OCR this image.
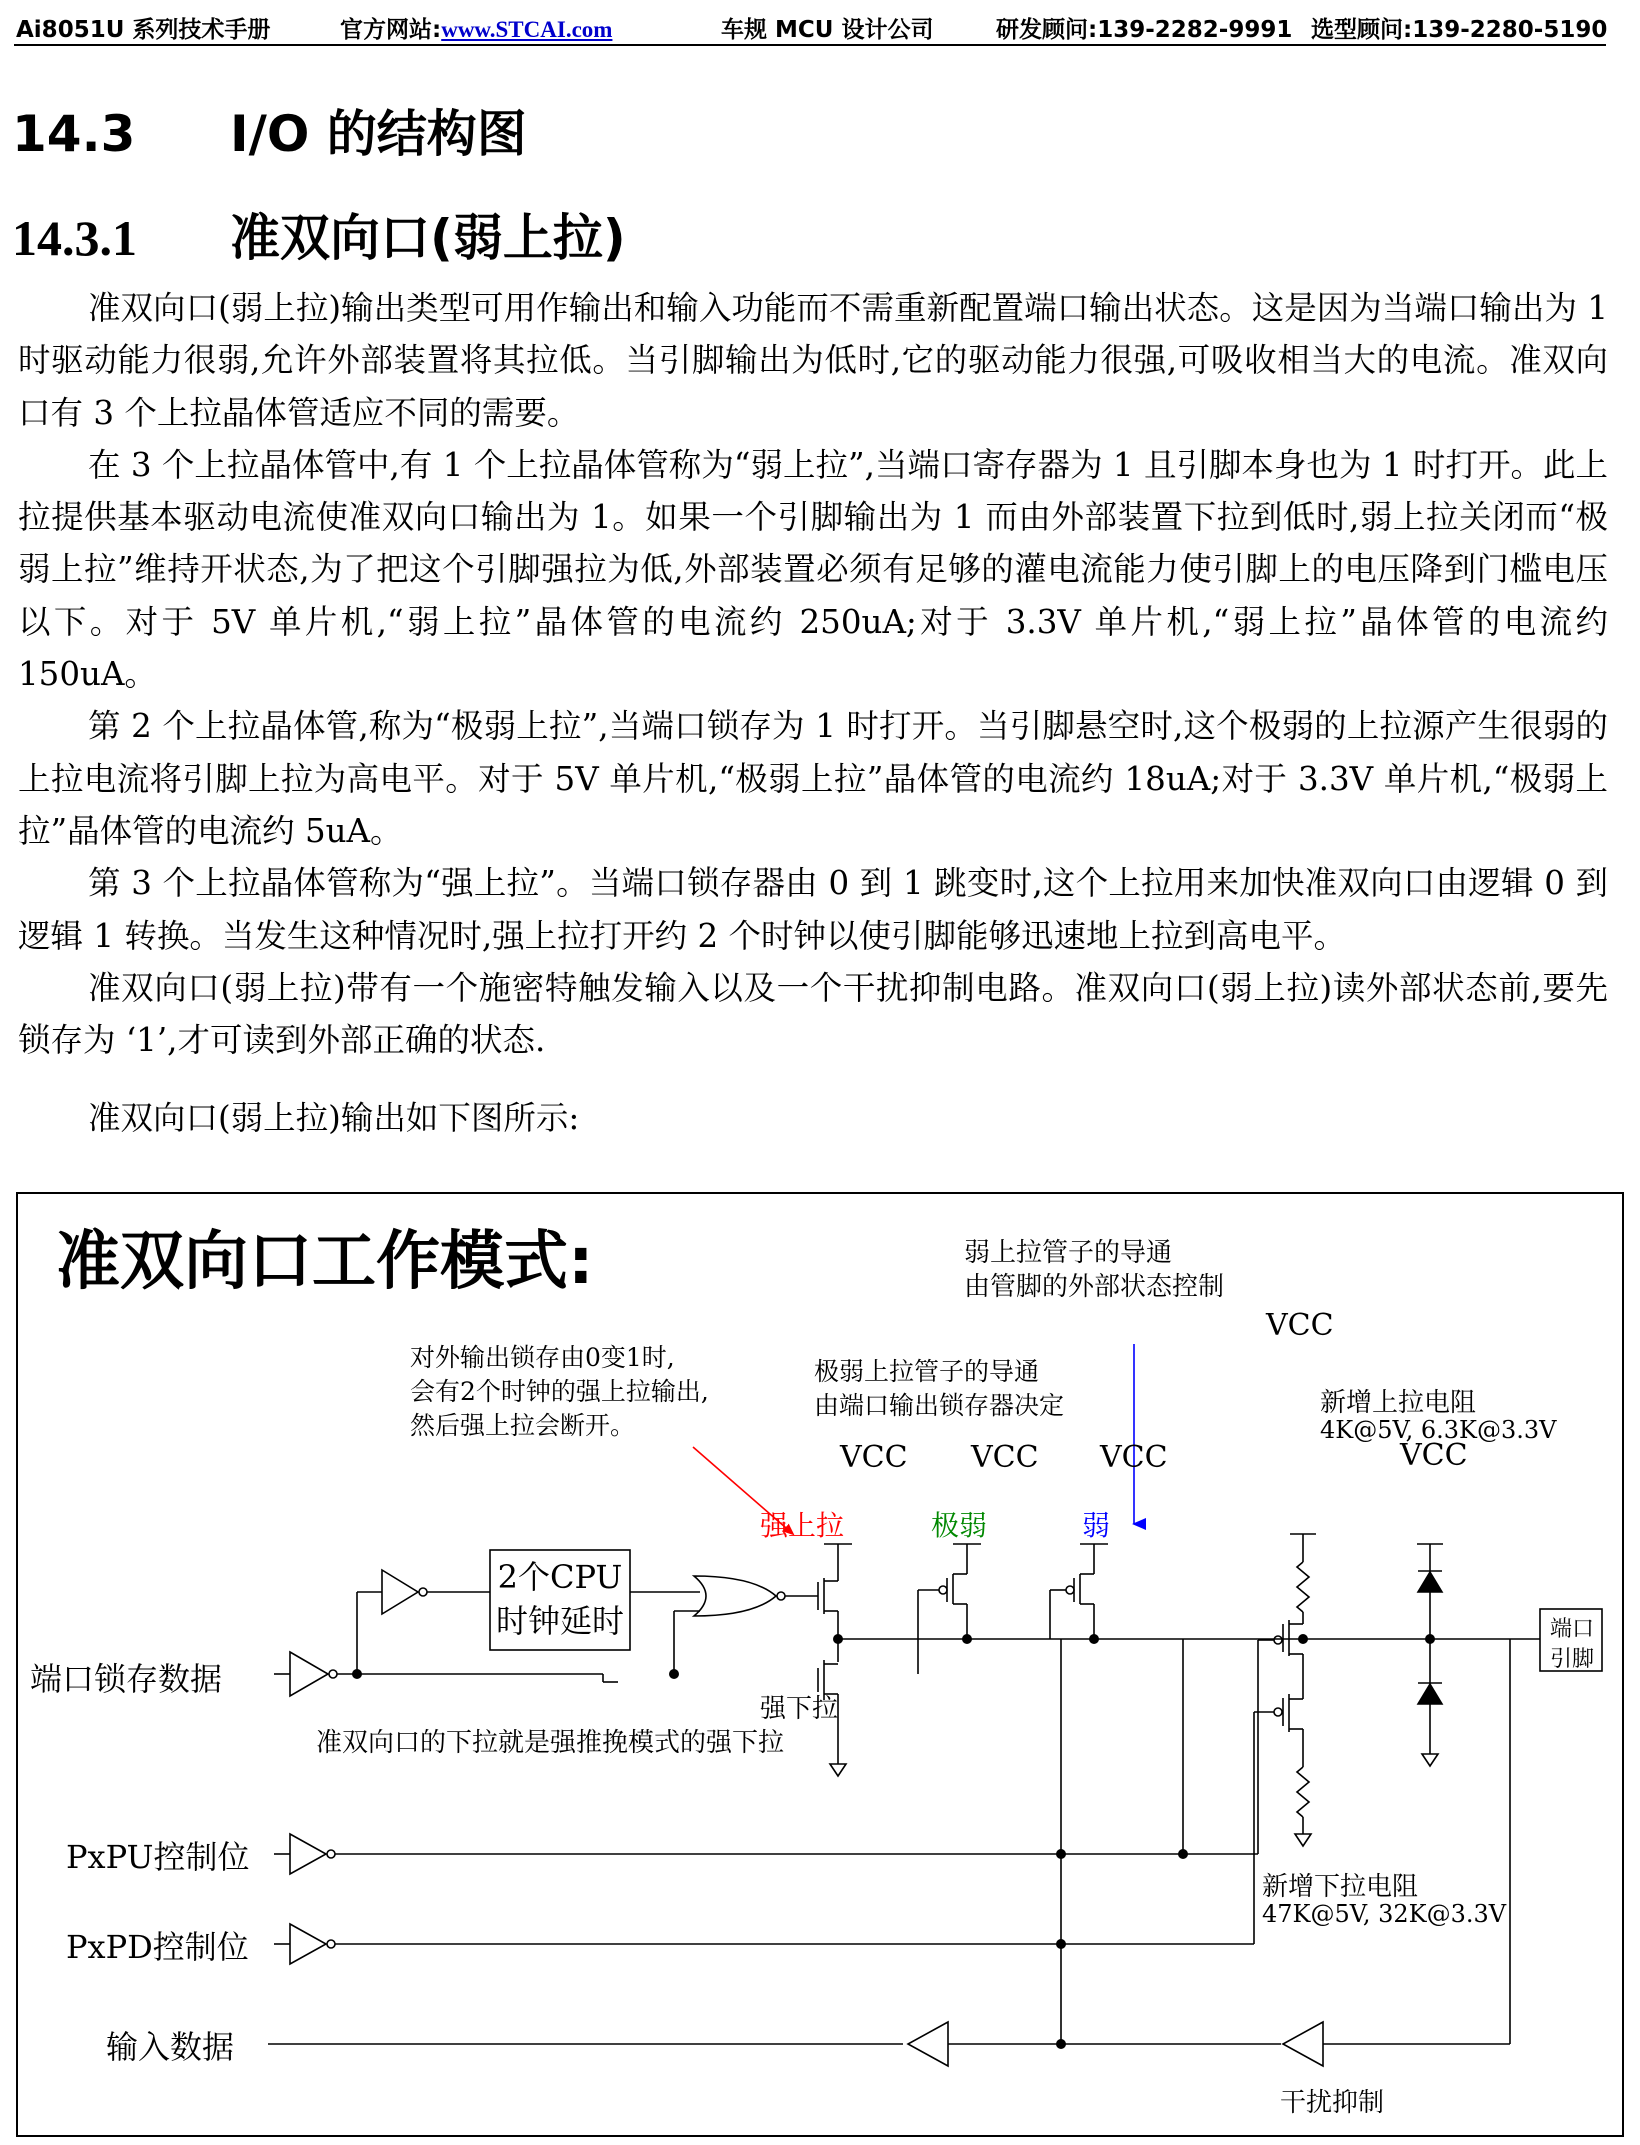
Ai8051U 系列技术手册	官方网站:www.STCAI.com	车规 MCU 设计公司	研发顾问:139-2282-9991 选型顾问:139-2280-5190
14.3 I/O 的结构图
14.3.1 准双向口(弱上拉)

准双向口(弱上拉)输出类型可用作输出和输入功能而不需重新配置端口输出状态。这是因为当端口输出为 1 时驱动能力很弱,允许外部装置将其拉低。当引脚输出为低时,它的驱动能力很强,可吸收相当大的电流。准双向口有 3 个上拉晶体管适应不同的需要。

在 3 个上拉晶体管中,有 1 个上拉晶体管称为“弱上拉”,当端口寄存器为 1 且引脚本身也为 1 时打开。此上拉提供基本驱动电流使准双向口输出为 1。如果一个引脚输出为 1 而由外部装置下拉到低时,弱上拉关闭而“极弱上拉”维持开状态,为了把这个引脚强拉为低,外部装置必须有足够的灌电流能力使引脚上的电压降到门槛电压以下。对于 5V 单片机,“弱上拉”晶体管的电流约 250uA;对于 3.3V 单片机,“弱上拉”晶体管的电流约 150uA。

第 2 个上拉晶体管,称为“极弱上拉”,当端口锁存为 1 时打开。当引脚悬空时,这个极弱的上拉源产生很弱的上拉电流将引脚上拉为高电平。对于 5V 单片机,“极弱上拉”晶体管的电流约 18uA;对于 3.3V 单片机,“极弱上拉”晶体管的电流约 5uA。

第 3 个上拉晶体管称为“强上拉”。当端口锁存器由 0 到 1 跳变时,这个上拉用来加快准双向口由逻辑 0 到逻辑 1 转换。当发生这种情况时,强上拉打开约 2 个时钟以使引脚能够迅速地上拉到高电平。

准双向口(弱上拉)带有一个施密特触发输入以及一个干扰抑制电路。准双向口(弱上拉)读外部状态前,要先锁存为 ‘1’,才可读到外部正确的状态.

准双向口(弱上拉)输出如下图所示:
准双向口工作模式:	弱上拉管子的导通
由管脚的外部状态控制
对外输出锁存由0变1时,
会有2个时钟的强上拉输出,
然后强上拉会断开。
极弱上拉管子的导通
由端口输出锁存器决定
VCC
新增上拉电阻
4K@5V, 6.3K@3.3V
VCC VCC VCC	VCC
强上拉	极弱	弱
2个CPU
时钟延时	端口
引脚
端口锁存数据
强下拉
准双向口的下拉就是强推挽模式的强下拉
PxPU控制位
新增下拉电阻
47K@5V, 32K@3.3V
PxPD控制位
输入数据
干扰抑制
